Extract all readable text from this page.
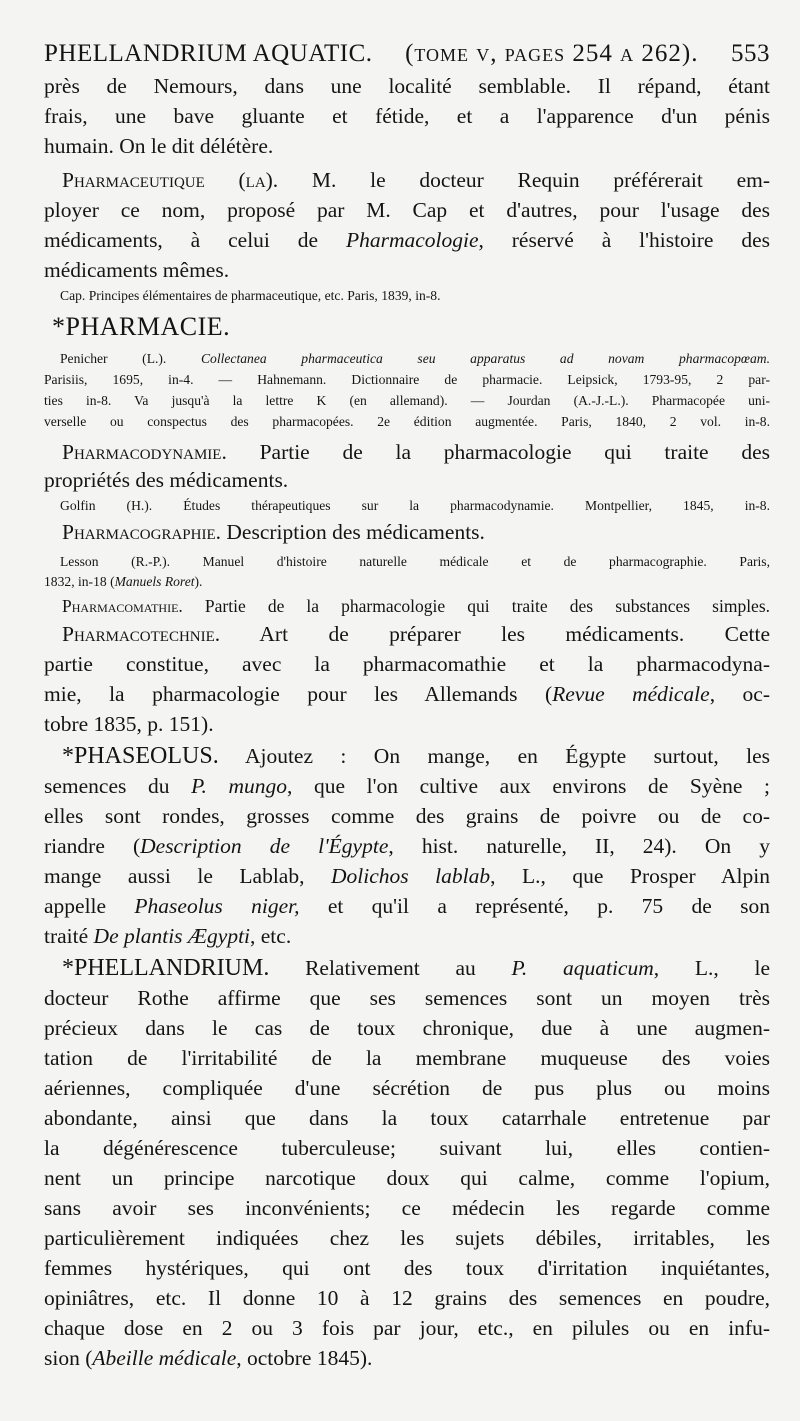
PHELLANDRIUM AQUATIC. (tome v, pages 254 a 262). 553
près de Nemours, dans une localité semblable. Il répand, étant
frais, une bave gluante et fétide, et a l'apparence d'un pénis
humain. On le dit délétère.
Pharmaceutique (la). M. le docteur Requin préférerait em-
ployer ce nom, proposé par M. Cap et d'autres, pour l'usage des
médicaments, à celui de Pharmacologie, réservé à l'histoire des
médicaments mêmes.
Cap. Principes élémentaires de pharmaceutique, etc. Paris, 1839, in-8.
*PHARMACIE.
Penicher (L.).	Collectanea pharmaceutica seu apparatus ad novam pharmacopœam.
Parisiis, 1695, in-4. — Hahnemann. Dictionnaire de pharmacie. Leipsick, 1793-95, 2 par-
ties in-8. Va jusqu'à la lettre K (en allemand). — Jourdan (A.-J.-L.). Pharmacopée uni-
verselle ou conspectus des pharmacopées. 2e édition augmentée. Paris, 1840, 2 vol. in-8.
Pharmacodynamie. Partie de la pharmacologie qui traite des
propriétés des médicaments.
Golfin (H.). Études thérapeutiques sur la pharmacodynamie. Montpellier, 1845, in-8.
Pharmacographie. Description des médicaments.
Lesson (R.-P.). Manuel d'histoire naturelle médicale et de pharmacographie. Paris,
1832, in-18 (Manuels Roret).
Pharmacomathie. Partie de la pharmacologie qui traite des substances simples.
Pharmacotechnie. Art de préparer les médicaments. Cette
partie constitue, avec la pharmacomathie et la pharmacodyna-
mie, la pharmacologie pour les Allemands (Revue médicale, oc-
tobre 1835, p. 151).
*PHASEOLUS. Ajoutez : On mange, en Égypte surtout, les
semences du P. mungo, que l'on cultive aux environs de Syène ;
elles sont rondes, grosses comme des grains de poivre ou de co-
riandre (Description de l'Égypte, hist. naturelle, II, 24). On y
mange aussi le Lablab, Dolichos lablab, L., que Prosper Alpin
appelle Phaseolus niger, et qu'il a représenté, p. 75 de son
traité De plantis Ægypti, etc.
*PHELLANDRIUM. Relativement au P. aquaticum, L., le
docteur Rothe affirme que ses semences sont un moyen très
précieux dans le cas de toux chronique, due à une augmen-
tation de l'irritabilité de la membrane muqueuse des voies
aériennes, compliquée d'une sécrétion de pus plus ou moins
abondante, ainsi que dans la toux catarrhale entretenue par
la dégénérescence tuberculeuse; suivant lui, elles contien-
nent un principe narcotique doux qui calme, comme l'opium,
sans avoir ses inconvénients; ce médecin les regarde comme
particulièrement indiquées chez les sujets débiles, irritables, les
femmes hystériques, qui ont des toux d'irritation inquiétantes,
opiniâtres, etc. Il donne 10 à 12 grains des semences en poudre,
chaque dose en 2 ou 3 fois par jour, etc., en pilules ou en infu-
sion (Abeille médicale, octobre 1845).
